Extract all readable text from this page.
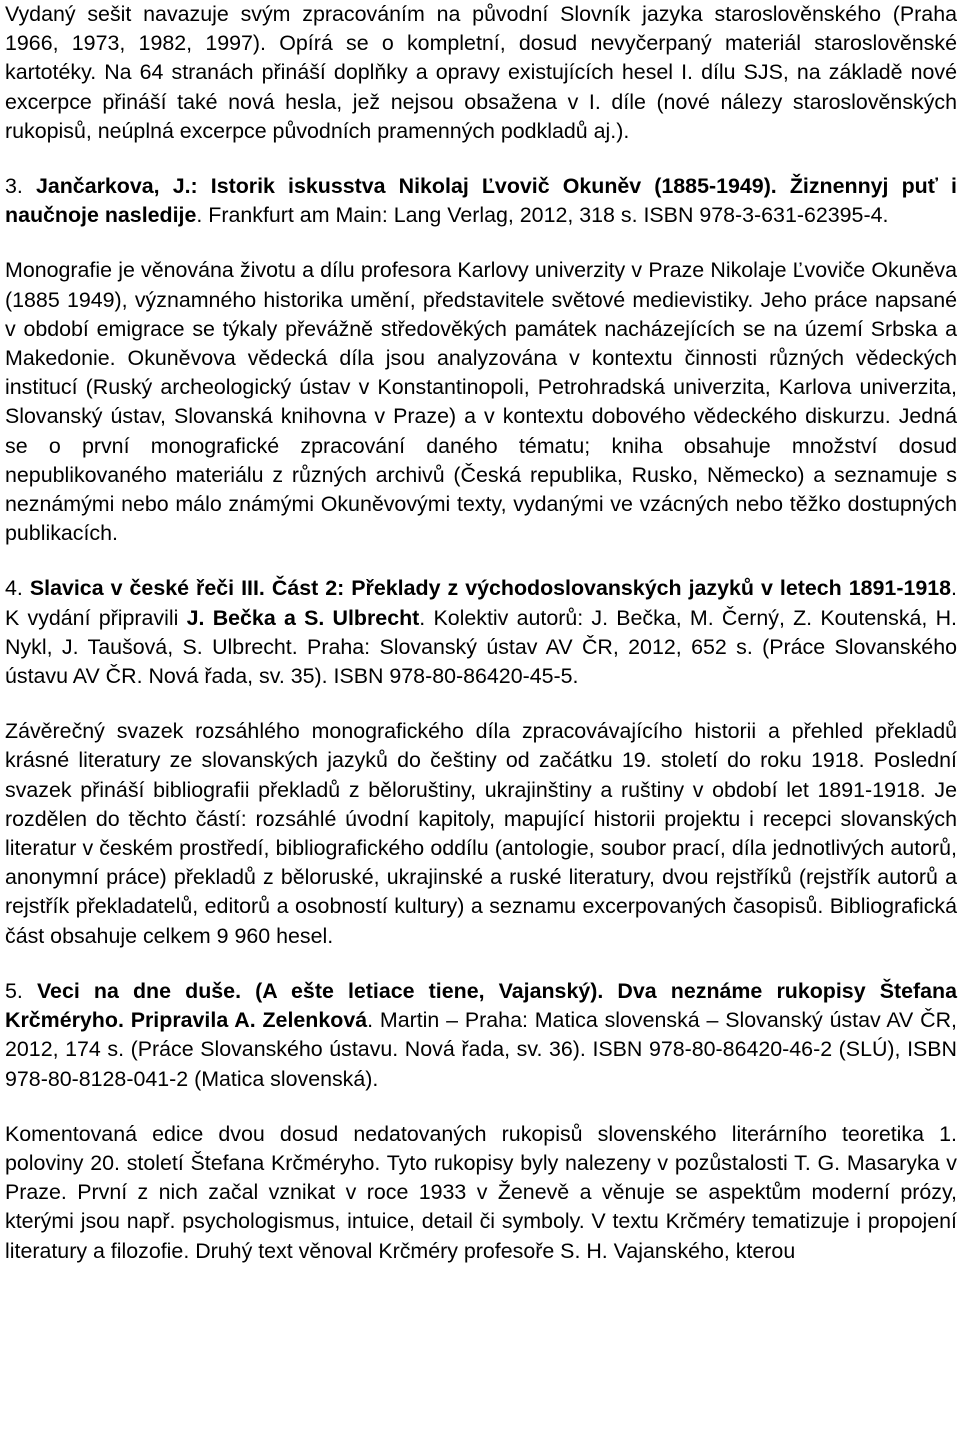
Vydaný sešit navazuje svým zpracováním na původní Slovník jazyka staroslověnského (Praha 1966, 1973, 1982, 1997). Opírá se o kompletní, dosud nevyčerpaný materiál staroslověnské kartotéky. Na 64 stranách přináší doplňky a opravy existujících hesel I. dílu SJS, na základě nové excerpce přináší také nová hesla, jež nejsou obsažena v I. díle (nové nálezy staroslověnských rukopisů, neúplná excerpce původních pramenných podkladů aj.).

3. Jančarkova, J.: Istorik iskusstva Nikolaj Ľvovič Okuněv (1885-1949). Žiznennyj puť i naučnoje nasledije. Frankfurt am Main: Lang Verlag, 2012, 318 s. ISBN 978-3-631-62395-4.

Monografie je věnována životu a dílu profesora Karlovy univerzity v Praze Nikolaje Ľvoviče Okuněva (1885 1949), významného historika umění, představitele světové medievistiky. Jeho práce napsané v období emigrace se týkaly převážně středověkých památek nacházejících se na území Srbska a Makedonie. Okuněvova vědecká díla jsou analyzována v kontextu činnosti různých vědeckých institucí (Ruský archeologický ústav v Konstantinopoli, Petrohradská univerzita, Karlova univerzita, Slovanský ústav, Slovanská knihovna v Praze) a v kontextu dobového vědeckého diskurzu. Jedná se o první monografické zpracování daného tématu; kniha obsahuje množství dosud nepublikovaného materiálu z různých archivů (Česká republika, Rusko, Německo) a seznamuje s neznámými nebo málo známými Okuněvovými texty, vydanými ve vzácných nebo těžko dostupných publikacích.

4. Slavica v české řeči III. Část 2: Překlady z východoslovanských jazyků v letech 1891-1918. K vydání připravili J. Bečka a S. Ulbrecht. Kolektiv autorů: J. Bečka, M. Černý, Z. Koutenská, H. Nykl, J. Taušová, S. Ulbrecht. Praha: Slovanský ústav AV ČR, 2012, 652 s. (Práce Slovanského ústavu AV ČR. Nová řada, sv. 35). ISBN 978-80-86420-45-5.

Závěrečný svazek rozsáhlého monografického díla zpracovávajícího historii a přehled překladů krásné literatury ze slovanských jazyků do češtiny od začátku 19. století do roku 1918. Poslední svazek přináší bibliografii překladů z běloruštiny, ukrajinštiny a ruštiny v období let 1891-1918. Je rozdělen do těchto částí: rozsáhlé úvodní kapitoly, mapující historii projektu i recepci slovanských literatur v českém prostředí, bibliografického oddílu (antologie, soubor prací, díla jednotlivých autorů, anonymní práce) překladů z běloruské, ukrajinské a ruské literatury, dvou rejstříků (rejstřík autorů a rejstřík překladatelů, editorů a osobností kultury) a seznamu excerpovaných časopisů. Bibliografická část obsahuje celkem 9 960 hesel.

5. Veci na dne duše. (A ešte letiace tiene, Vajanský). Dva neznáme rukopisy Štefana Krčméryho. Pripravila A. Zelenková. Martin – Praha: Matica slovenská – Slovanský ústav AV ČR, 2012, 174 s. (Práce Slovanského ústavu. Nová řada, sv. 36). ISBN 978-80-86420-46-2 (SLÚ), ISBN 978-80-8128-041-2 (Matica slovenská).

Komentovaná edice dvou dosud nedatovaných rukopisů slovenského literárního teoretika 1. poloviny 20. století Štefana Krčméryho. Tyto rukopisy byly nalezeny v pozůstalosti T. G. Masaryka v Praze. První z nich začal vznikat v roce 1933 v Ženevě a věnuje se aspektům moderní prózy, kterými jsou např. psychologismus, intuice, detail či symboly. V textu Krčméry tematizuje i propojení literatury a filozofie. Druhý text věnoval Krčméry profesoře S. H. Vajanského, kterou
